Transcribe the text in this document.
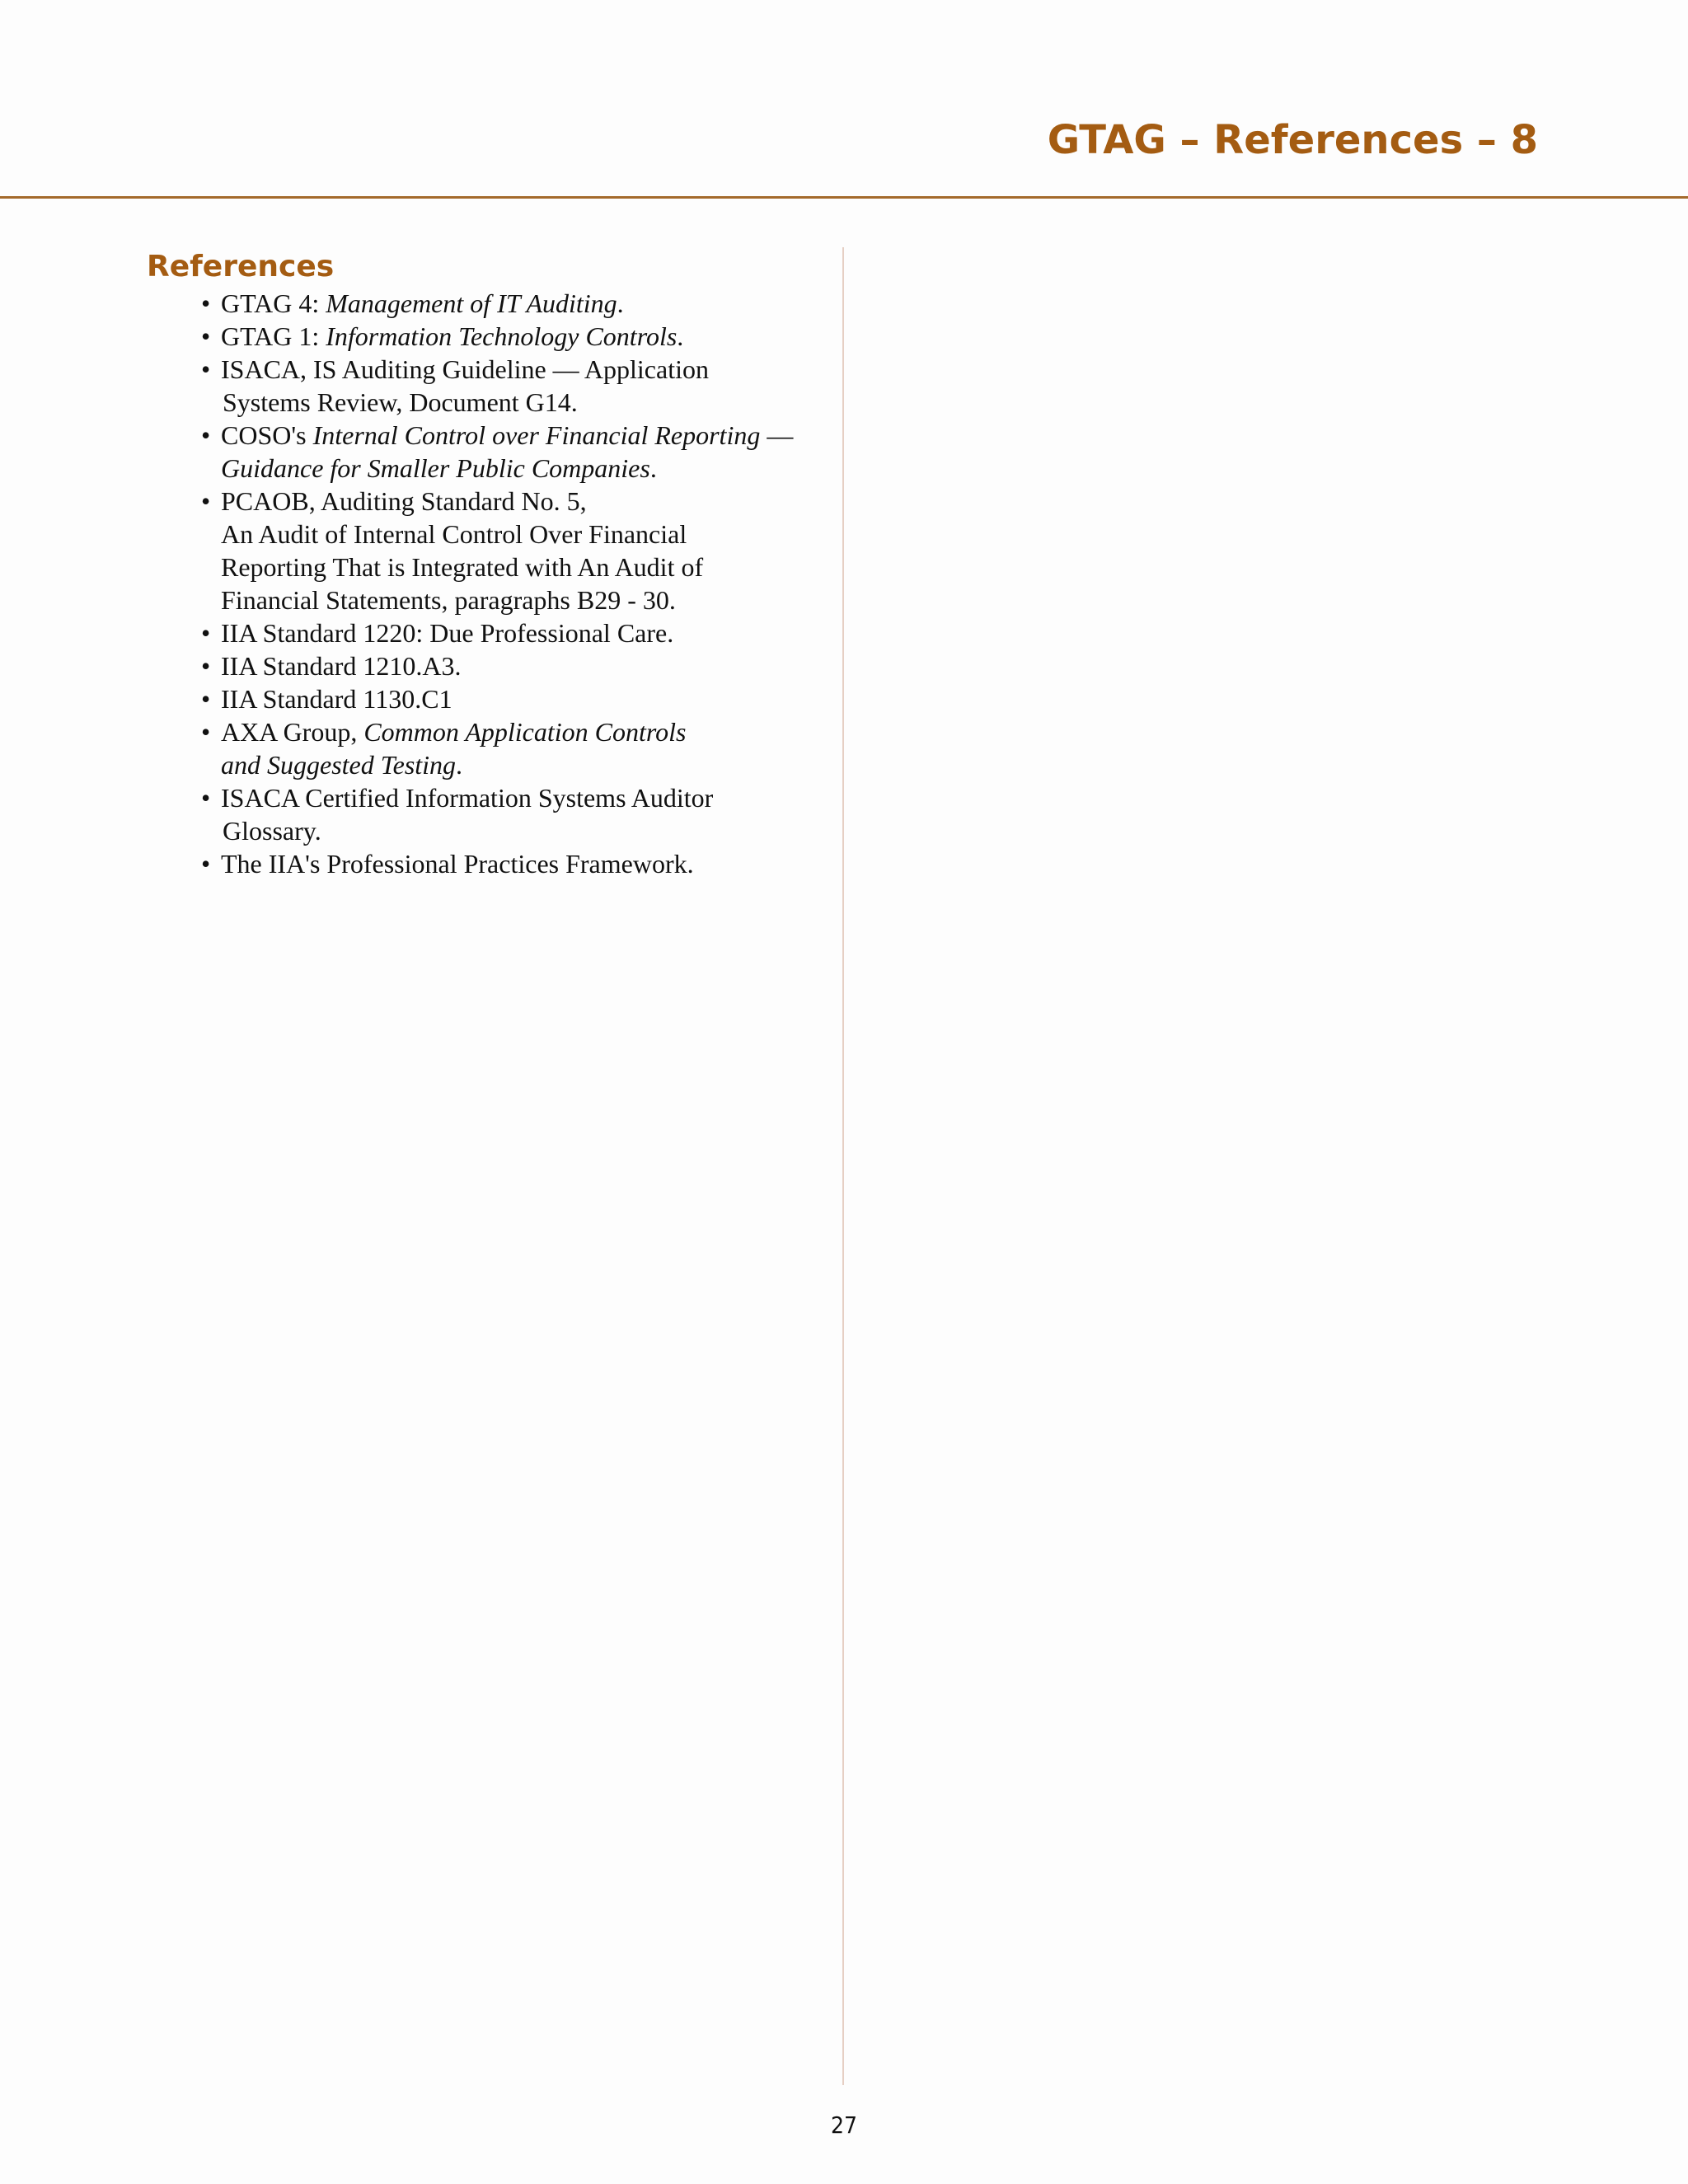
GTAG – References – 8
References
• GTAG 4: Management of IT Auditing.
• GTAG 1: Information Technology Controls.
• ISACA, IS Auditing Guideline — Application
Systems Review, Document G14.
• COSO's Internal Control over Financial Reporting —
Guidance for Smaller Public Companies.
• PCAOB, Auditing Standard No. 5,
An Audit of Internal Control Over Financial
Reporting That is Integrated with An Audit of
Financial Statements, paragraphs B29 - 30.
• IIA Standard 1220: Due Professional Care.
• IIA Standard 1210.A3.
• IIA Standard 1130.C1
• AXA Group, Common Application Controls
and Suggested Testing.
• ISACA Certified Information Systems Auditor
Glossary.
• The IIA's Professional Practices Framework.
27
